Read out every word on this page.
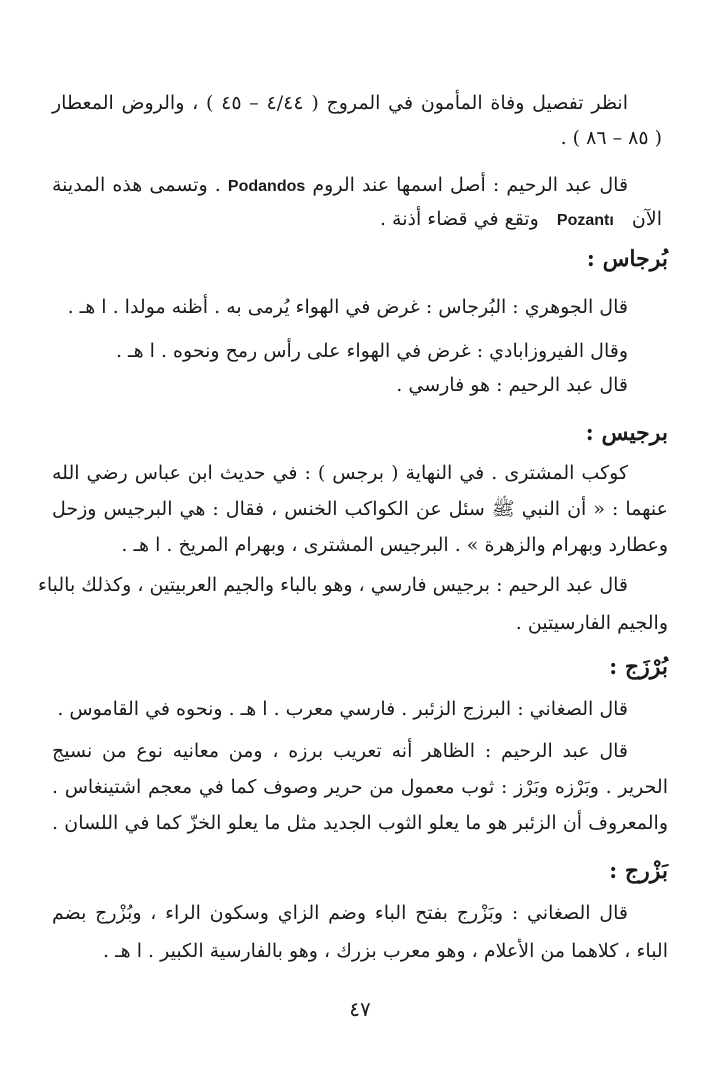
انظر تفصيل وفاة المأمون في المروج ( ٤/٤٤ – ٤٥ ) ، والروض المعطار
( ٨٥ – ٨٦ ) .
قال عبد الرحيم : أصل اسمها عند الروم Podandos . وتسمى هذه المدينة
الآن   Pozantı   وتقع في قضاء أذنة .
بُرجاس :
قال الجوهري : البُرجاس : غرض في الهواء يُرمى به . أظنه مولدا . ا هـ .
وقال الفيروزابادي : غرض في الهواء على رأس رمح ونحوه . ا هـ .
قال عبد الرحيم : هو فارسي .
برجيس :
كوكب المشترى . في النهاية ( برجس ) : في حديث ابن عباس رضي الله
عنهما : « أن النبي ﷺ سئل عن الكواكب الخنس ، فقال : هي البرجيس وزحل
وعطارد وبهرام والزهرة » . البرجيس المشترى ، وبهرام المريخ . ا هـ .
قال عبد الرحيم : برجيس فارسي ، وهو بالباء والجيم العربيتين ، وكذلك بالباء
والجيم الفارسيتين .
بُرْزَج :
قال الصغاني : البرزج الزئبر . فارسي معرب . ا هـ . ونحوه في القاموس .
قال عبد الرحيم : الظاهر أنه تعريب برزه ، ومن معانيه نوع من نسيج
الحرير . وبَرْزه وبَرْز : ثوب معمول من حرير وصوف كما في معجم اشتينغاس .
والمعروف أن الزئبر هو ما يعلو الثوب الجديد مثل ما يعلو الخزّ كما في اللسان .
بَزْرج :
قال الصغاني : وبَزْرج بفتح الباء وضم الزاي وسكون الراء ، وبُزْرج بضم
الباء ، كلاهما من الأعلام ، وهو معرب بزرك ، وهو بالفارسية الكبير . ا هـ .
٤٧
